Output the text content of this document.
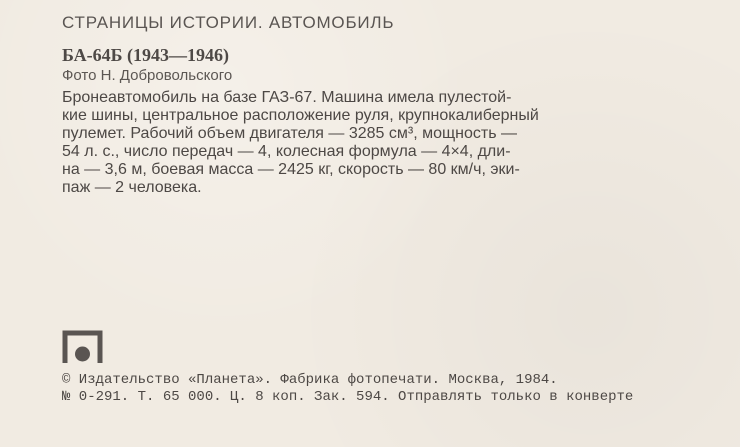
СТРАНИЦЫ ИСТОРИИ. АВТОМОБИЛЬ
БА-64Б (1943—1946)
Фото Н. Добровольского
Бронеавтомобиль на базе ГАЗ-67. Машина имела пулестой-
кие шины, центральное расположение руля, крупнокалиберный
пулемет. Рабочий объем двигателя — 3285 см³, мощность —
54 л. с., число передач — 4, колесная формула — 4×4, дли-
на — 3,6 м, боевая масса — 2425 кг, скорость — 80 км/ч, эки-
паж — 2 человека.
© Издательство «Планета». Фабрика фотопечати. Москва, 1984.
№ 0-291. Т. 65 000. Ц. 8 коп. Зак. 594. Отправлять только в конверте
